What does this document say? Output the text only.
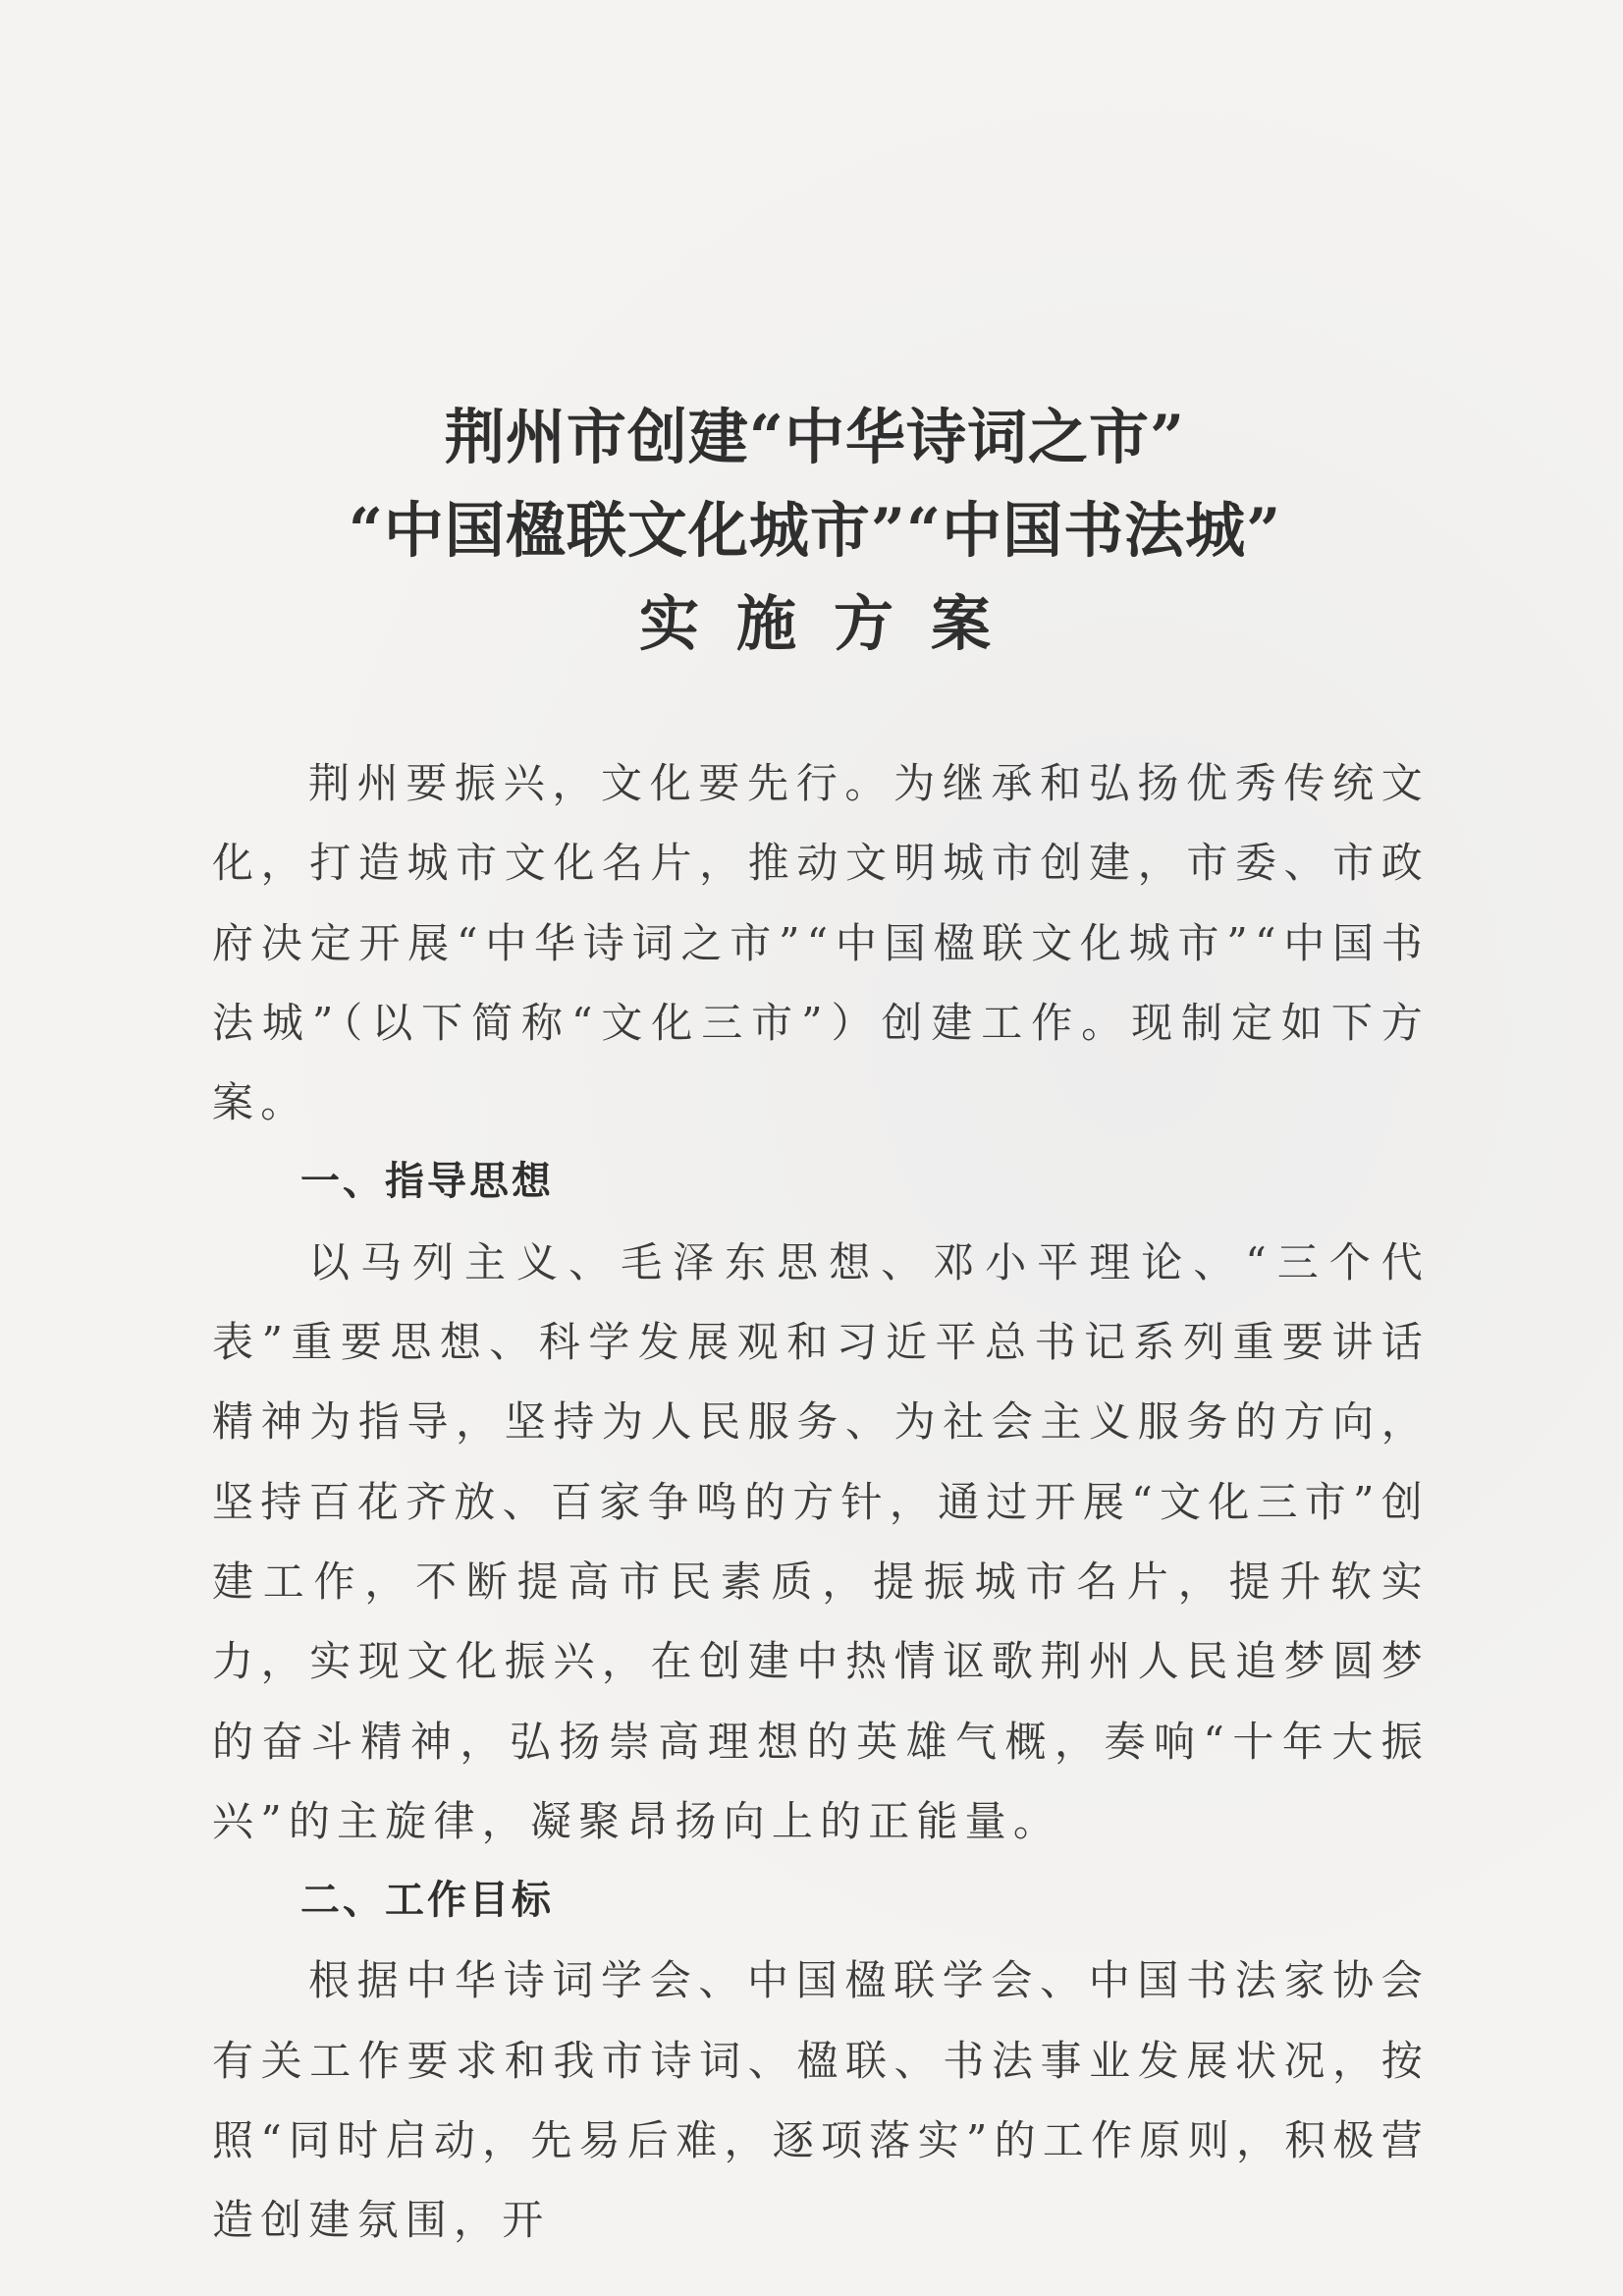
荆州市创建“中华诗词之市”
“中国楹联文化城市”“中国书法城”
实施方案

荆州要振兴，文化要先行。为继承和弘扬优秀传统文化，打造城市文化名片，推动文明城市创建，市委、市政府决定开展“中华诗词之市”“中国楹联文化城市”“中国书法城”（以下简称“文化三市”）创建工作。现制定如下方案。

一、指导思想

以马列主义、毛泽东思想、邓小平理论、“三个代表”重要思想、科学发展观和习近平总书记系列重要讲话精神为指导，坚持为人民服务、为社会主义服务的方向，坚持百花齐放、百家争鸣的方针，通过开展“文化三市”创建工作，不断提高市民素质，提振城市名片，提升软实力，实现文化振兴，在创建中热情讴歌荆州人民追梦圆梦的奋斗精神，弘扬崇高理想的英雄气概，奏响“十年大振兴”的主旋律，凝聚昂扬向上的正能量。

二、工作目标

根据中华诗词学会、中国楹联学会、中国书法家协会有关工作要求和我市诗词、楹联、书法事业发展状况，按照“同时启动，先易后难，逐项落实”的工作原则，积极营造创建氛围，开
